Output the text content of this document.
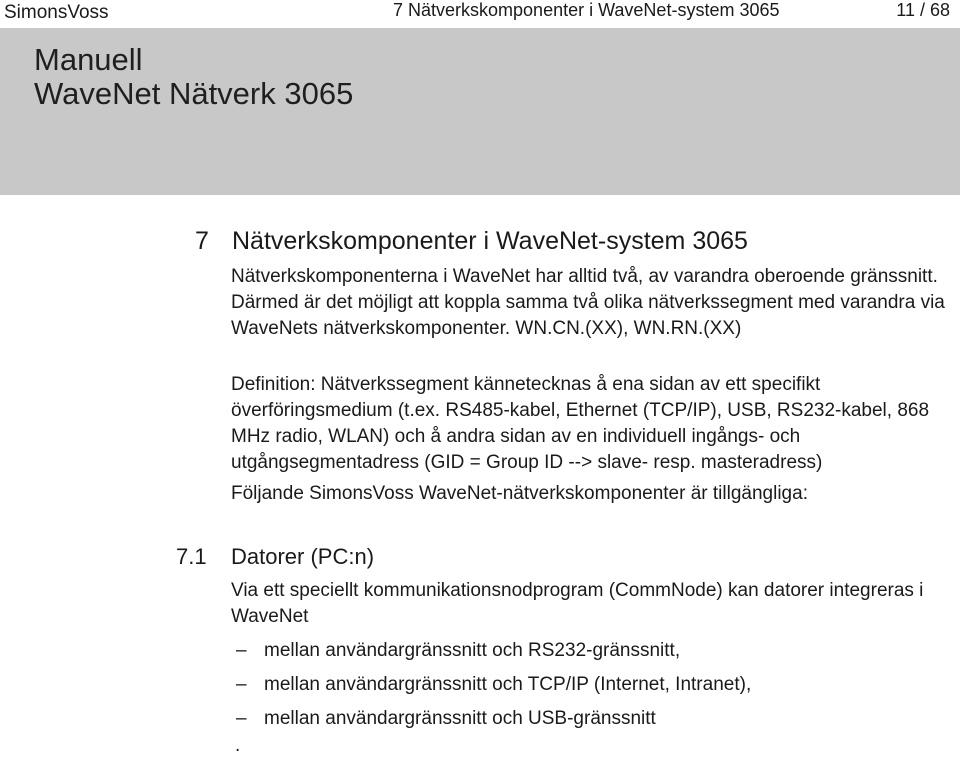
SimonsVoss	7 Nätverkskomponenter i WaveNet-system 3065	11 / 68
Manuell
WaveNet Nätverk 3065
7 Nätverkskomponenter i WaveNet-system 3065

Nätverkskomponenterna i WaveNet har alltid två, av varandra oberoende gränssnitt. Därmed är det möjligt att koppla samma två olika nätverkssegment med varandra via WaveNets nätverkskomponenter. WN.CN.(XX), WN.RN.(XX)

Definition: Nätverkssegment kännetecknas å ena sidan av ett specifikt överföringsmedium (t.ex. RS485-kabel, Ethernet (TCP/IP), USB, RS232-kabel, 868 MHz radio, WLAN) och å andra sidan av en individuell ingångs- och utgångsegmentadress (GID = Group ID --> slave- resp. masteradress)

Följande SimonsVoss WaveNet-nätverkskomponenter är tillgängliga:

7.1 Datorer (PC:n)

Via ett speciellt kommunikationsnodprogram (CommNode) kan datorer integreras i WaveNet

– mellan användargränssnitt och RS232-gränssnitt,
– mellan användargränssnitt och TCP/IP (Internet, Intranet),
– mellan användargränssnitt och USB-gränssnitt
.
